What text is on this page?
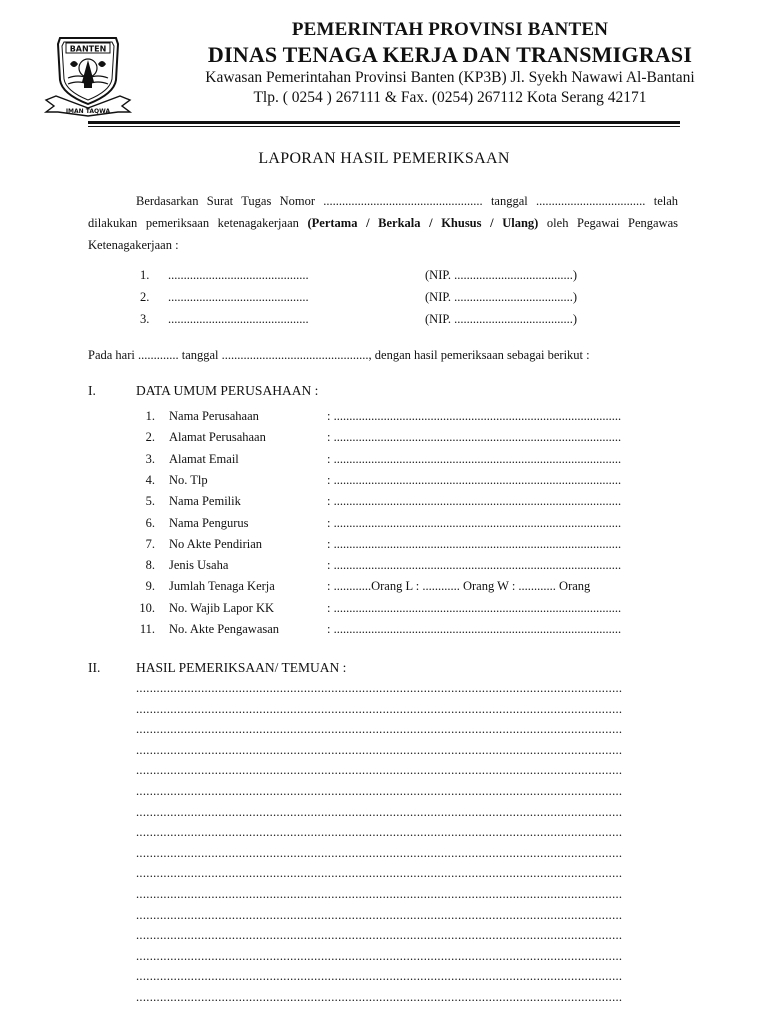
BANTEN
IMAN TAQWA
PEMERINTAH PROVINSI BANTEN
DINAS TENAGA KERJA DAN TRANSMIGRASI
Kawasan Pemerintahan Provinsi Banten (KP3B) Jl. Syekh Nawawi Al-Bantani
Tlp. ( 0254 ) 267111 & Fax. (0254) 267112 Kota Serang 42171
LAPORAN HASIL PEMERIKSAAN
Berdasarkan Surat Tugas Nomor ................................................... tanggal ................................... telah dilakukan pemeriksaan ketenagakerjaan (Pertama / Berkala / Khusus / Ulang) oleh Pegawai Pengawas Ketenagakerjaan :
1. .............................................	(NIP. ......................................)
2. .............................................	(NIP. ......................................)
3. .............................................	(NIP. ......................................)
Pada hari ............. tanggal ..............................................., dengan hasil pemeriksaan sebagai berikut :
I.	DATA UMUM PERUSAHAAN :
1. Nama Perusahaan	: ............................................................................................
2. Alamat Perusahaan	: ............................................................................................
3. Alamat Email	: ............................................................................................
4. No. Tlp	: ............................................................................................
5. Nama Pemilik	: ............................................................................................
6. Nama Pengurus	: ............................................................................................
7. No Akte Pendirian	: ............................................................................................
8. Jenis Usaha	: ............................................................................................
9. Jumlah Tenaga Kerja	: ............Orang L : ............ Orang W : ............ Orang
10. No. Wajib Lapor KK	: ............................................................................................
11. No. Akte Pengawasan	: ............................................................................................
II.	HASIL PEMERIKSAAN/ TEMUAN :
..............................................................................................................................................
..............................................................................................................................................
..............................................................................................................................................
..............................................................................................................................................
..............................................................................................................................................
..............................................................................................................................................
..............................................................................................................................................
..............................................................................................................................................
..............................................................................................................................................
..............................................................................................................................................
..............................................................................................................................................
..............................................................................................................................................
..............................................................................................................................................
..............................................................................................................................................
..............................................................................................................................................
..............................................................................................................................................
